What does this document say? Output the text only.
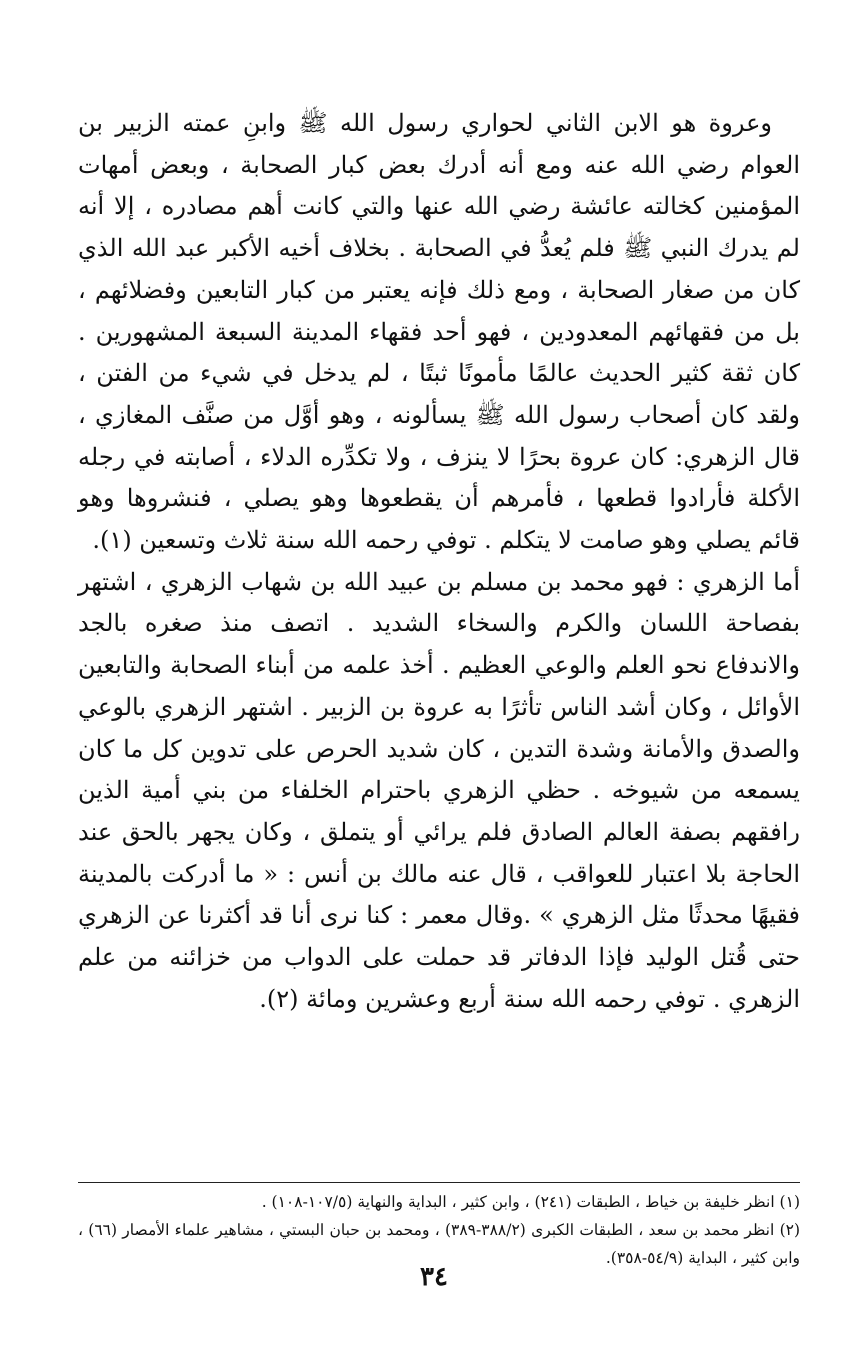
وعروة هو الابن الثاني لحواري رسول الله ﷺ وابنِ عمته الزبير بن العوام رضي الله عنه ومع أنه أدرك بعض كبار الصحابة ، وبعض أمهات المؤمنين كخالته عائشة رضي الله عنها والتي كانت أهم مصادره ، إلا أنه لم يدرك النبي ﷺ فلم يُعدُّ في الصحابة . بخلاف أخيه الأكبر عبد الله الذي كان من صغار الصحابة ، ومع ذلك فإنه يعتبر من كبار التابعين وفضلائهم ، بل من فقهائهم المعدودين ، فهو أحد فقهاء المدينة السبعة المشهورين . كان ثقة كثير الحديث عالمًا مأمونًا ثبتًا ، لم يدخل في شيء من الفتن ، ولقد كان أصحاب رسول الله ﷺ يسألونه ، وهو أوَّل من صنَّف المغازي ، قال الزهري: كان عروة بحرًا لا ينزف ، ولا تكدِّره الدلاء ، أصابته في رجله الأكلة فأرادوا قطعها ، فأمرهم أن يقطعوها وهو يصلي ، فنشروها وهو قائم يصلي وهو صامت لا يتكلم . توفي رحمه الله سنة ثلاث وتسعين (١).

أما الزهري : فهو محمد بن مسلم بن عبيد الله بن شهاب الزهري ، اشتهر بفصاحة اللسان والكرم والسخاء الشديد . اتصف منذ صغره بالجد والاندفاع نحو العلم والوعي العظيم . أخذ علمه من أبناء الصحابة والتابعين الأوائل ، وكان أشد الناس تأثرًا به عروة بن الزبير . اشتهر الزهري بالوعي والصدق والأمانة وشدة التدين ، كان شديد الحرص على تدوين كل ما كان يسمعه من شيوخه . حظي الزهري باحترام الخلفاء من بني أمية الذين رافقهم بصفة العالم الصادق فلم يرائي أو يتملق ، وكان يجهر بالحق عند الحاجة بلا اعتبار للعواقب ، قال عنه مالك بن أنس : « ما أدركت بالمدينة فقيهًا محدثًا مثل الزهري » .وقال معمر : كنا نرى أنا قد أكثرنا عن الزهري حتى قُتل الوليد فإذا الدفاتر قد حملت على الدواب من خزائنه من علم الزهري . توفي رحمه الله سنة أربع وعشرين ومائة (٢).

(١) انظر خليفة بن خياط ، الطبقات (٢٤١) ، وابن كثير ، البداية والنهاية (١٠٧/٥-١٠٨) .

(٢) انظر محمد بن سعد ، الطبقات الكبرى (٣٨٨/٢-٣٨٩) ، ومحمد بن حبان البستي ، مشاهير علماء الأمصار (٦٦) ، وابن كثير ، البداية (٥٤/٩-٣٥٨).

٣٤
